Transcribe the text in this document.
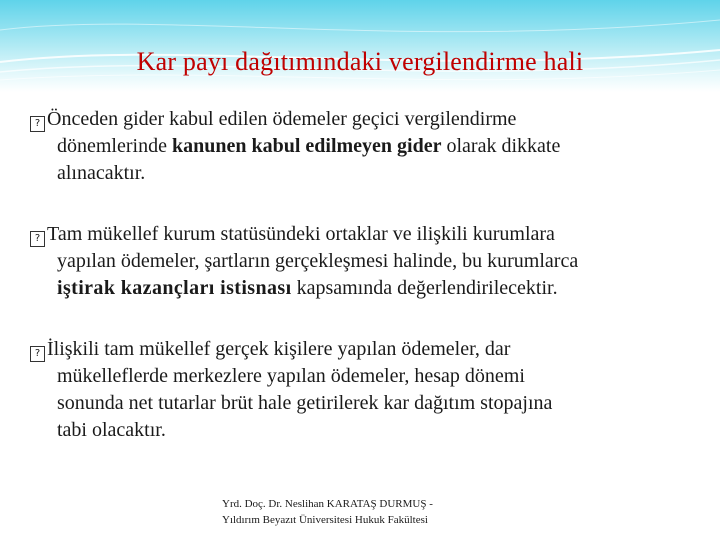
Kar payı dağıtımındaki vergilendirme hali
? Önceden gider kabul edilen ödemeler geçici vergilendirme
dönemlerinde kanunen kabul edilmeyen gider olarak dikkate
alınacaktır.
? Tam mükellef kurum statüsündeki ortaklar ve ilişkili kurumlara
yapılan ödemeler, şartların gerçekleşmesi halinde, bu kurumlarca
iştirak kazançları istisnası kapsamında değerlendirilecektir.
? İlişkili tam mükellef gerçek kişilere yapılan ödemeler, dar
mükelleflerde merkezlere yapılan ödemeler, hesap dönemi
sonunda net tutarlar brüt hale getirilerek kar dağıtım stopajına
tabi olacaktır.
Yrd. Doç. Dr. Neslihan KARATAŞ DURMUŞ -
Yıldırım Beyazıt Üniversitesi Hukuk Fakültesi
